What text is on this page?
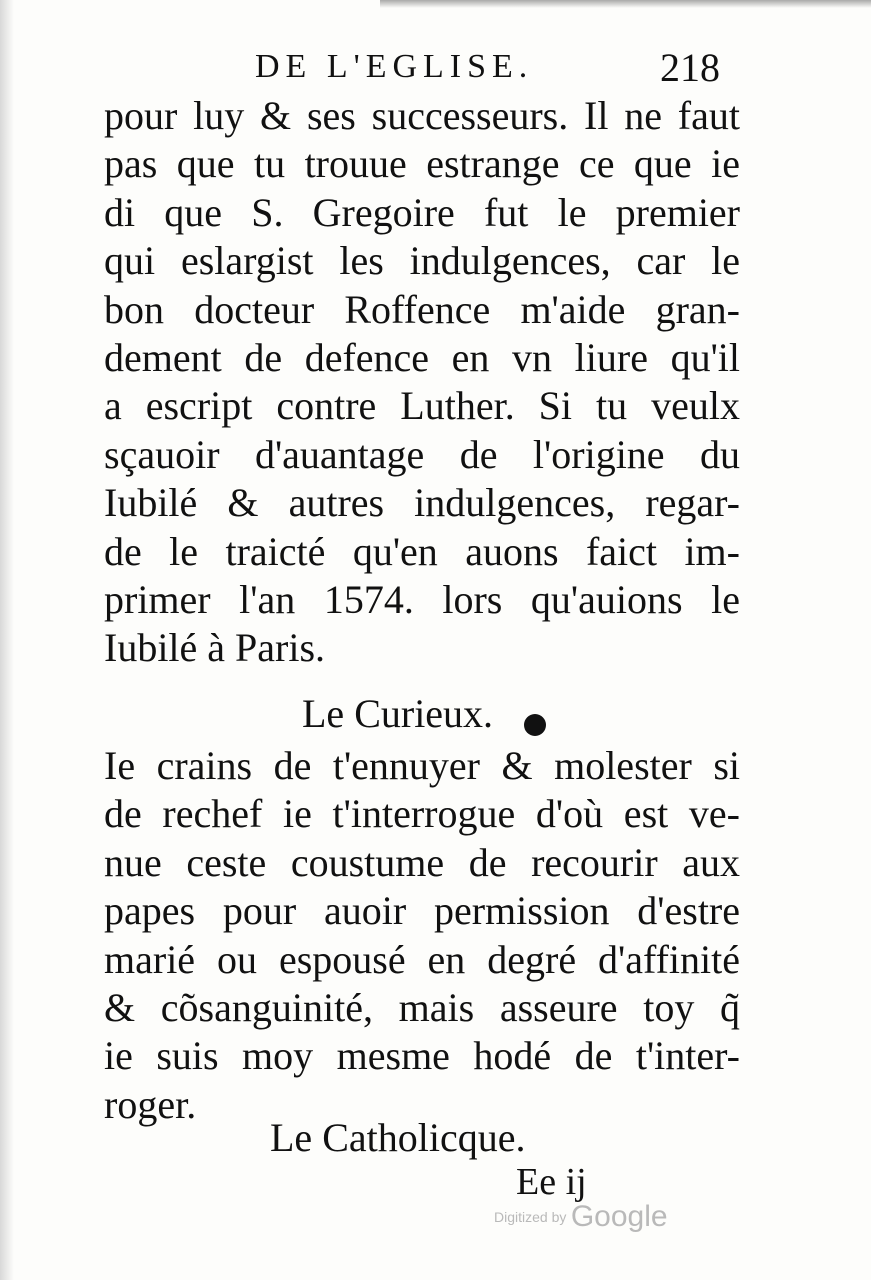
DE L'EGLISE.	218
pour luy & ses successeurs. Il ne faut
pas que tu trouue estrange ce que ie
di que S. Gregoire fut le premier
qui eslargist les indulgences, car le
bon docteur Roffence m'aide gran-
dement de defence en vn liure qu'il
a escript contre Luther. Si tu veulx
sçauoir d'auantage de l'origine du
Iubilé & autres indulgences, regar-
de le traicté qu'en auons faict im-
primer l'an 1574. lors qu'auions le
Iubilé à Paris.
Le Curieux.
Ie crains de t'ennuyer & molester si
de rechef ie t'interrogue d'où est ve-
nue ceste coustume de recourir aux
papes pour auoir permission d'estre
marié ou espousé en degré d'affinité
& cõsanguinité, mais asseure toy q̃
ie suis moy mesme hodé de t'inter-
roger.
Le Catholicque.
Ee ij
Digitized by Google
